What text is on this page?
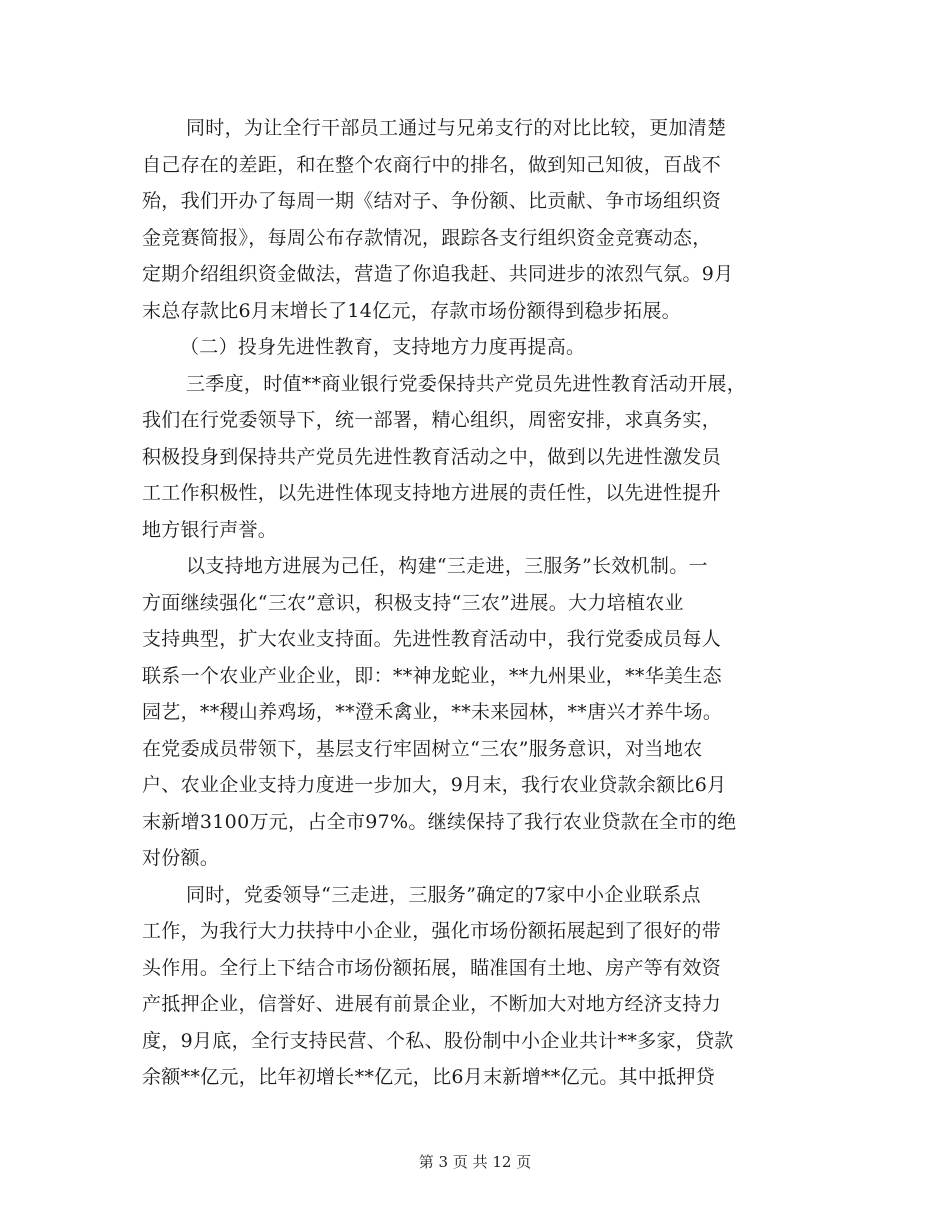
同时，为让全行干部员工通过与兄弟支行的对比比较，更加清楚
自己存在的差距，和在整个农商行中的排名，做到知己知彼，百战不
殆，我们开办了每周一期《结对子、争份额、比贡献、争市场组织资
金竞赛简报》，每周公布存款情况，跟踪各支行组织资金竞赛动态，
定期介绍组织资金做法，营造了你追我赶、共同进步的浓烈气氛。9月
末总存款比6月末增长了14亿元，存款市场份额得到稳步拓展。
（二）投身先进性教育，支持地方力度再提高。
三季度，时值**商业银行党委保持共产党员先进性教育活动开展，
我们在行党委领导下，统一部署，精心组织，周密安排，求真务实，
积极投身到保持共产党员先进性教育活动之中，做到以先进性激发员
工工作积极性，以先进性体现支持地方进展的责任性，以先进性提升
地方银行声誉。
以支持地方进展为己任，构建“三走进，三服务”长效机制。一
方面继续强化“三农”意识，积极支持“三农”进展。大力培植农业
支持典型，扩大农业支持面。先进性教育活动中，我行党委成员每人
联系一个农业产业企业，即：**神龙蛇业，**九州果业，**华美生态
园艺，**稷山养鸡场，**澄禾禽业，**未来园林，**唐兴才养牛场。
在党委成员带领下，基层支行牢固树立“三农”服务意识，对当地农
户、农业企业支持力度进一步加大，9月末，我行农业贷款余额比6月
末新增3100万元，占全市97%。继续保持了我行农业贷款在全市的绝
对份额。
同时，党委领导“三走进，三服务”确定的7家中小企业联系点
工作，为我行大力扶持中小企业，强化市场份额拓展起到了很好的带
头作用。全行上下结合市场份额拓展，瞄准国有土地、房产等有效资
产抵押企业，信誉好、进展有前景企业，不断加大对地方经济支持力
度，9月底，全行支持民营、个私、股份制中小企业共计**多家，贷款
余额**亿元，比年初增长**亿元，比6月末新增**亿元。其中抵押贷
第 3 页 共 12 页
